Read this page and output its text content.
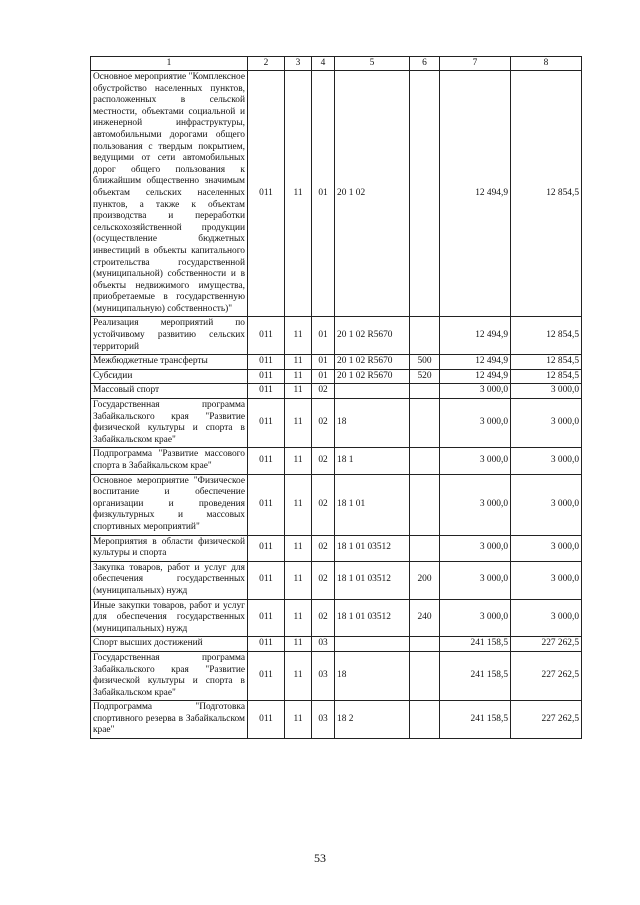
1	2	3	4	5	6	7	8
Основное мероприятие "Комплексное обустройство населенных пунктов, расположенных в сельской местности, объектами социальной и инженерной инфраструктуры, автомобильными дорогами общего пользования с твердым покрытием, ведущими от сети автомобильных дорог общего пользования к ближайшим общественно значимым объектам сельских населенных пунктов, а также к объектам производства и переработки сельскохозяйственной продукции (осуществление бюджетных инвестиций в объекты капитального строительства государственной (муниципальной) собственности и в объекты недвижимого имущества, приобретаемые в государственную (муниципальную) собственность)"	011	11	01	20 1 02		12 494,9	12 854,5
Реализация мероприятий по устойчивому развитию сельских территорий	011	11	01	20 1 02 R5670		12 494,9	12 854,5
Межбюджетные трансферты	011	11	01	20 1 02 R5670	500	12 494,9	12 854,5
Субсидии	011	11	01	20 1 02 R5670	520	12 494,9	12 854,5
Массовый спорт	011	11	02			3 000,0	3 000,0
Государственная программа Забайкальского края "Развитие физической культуры и спорта в Забайкальском крае"	011	11	02	18		3 000,0	3 000,0
Подпрограмма "Развитие массового спорта в Забайкальском крае"	011	11	02	18 1		3 000,0	3 000,0
Основное мероприятие "Физическое воспитание и обеспечение организации и проведения физкультурных и массовых спортивных мероприятий"	011	11	02	18 1 01		3 000,0	3 000,0
Мероприятия в области физической культуры и спорта	011	11	02	18 1 01 03512		3 000,0	3 000,0
Закупка товаров, работ и услуг для обеспечения государственных (муниципальных) нужд	011	11	02	18 1 01 03512	200	3 000,0	3 000,0
Иные закупки товаров, работ и услуг для обеспечения государственных (муниципальных) нужд	011	11	02	18 1 01 03512	240	3 000,0	3 000,0
Спорт высших достижений	011	11	03			241 158,5	227 262,5
Государственная программа Забайкальского края "Развитие физической культуры и спорта в Забайкальском крае"	011	11	03	18		241 158,5	227 262,5
Подпрограмма "Подготовка спортивного резерва в Забайкальском крае"	011	11	03	18 2		241 158,5	227 262,5
53
